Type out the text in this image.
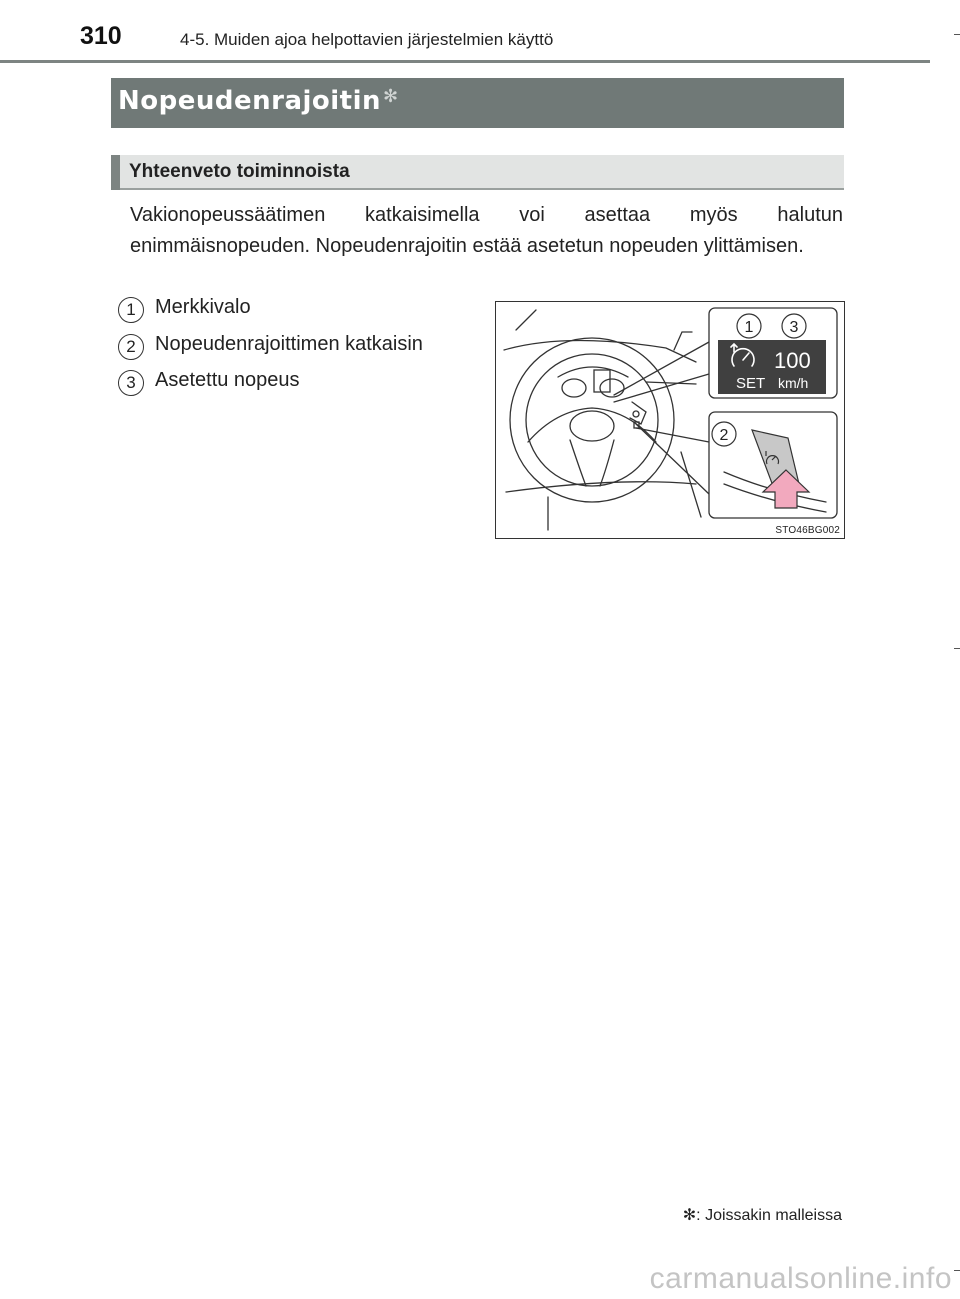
310	4-5. Muiden ajoa helpottavien järjestelmien käyttö
Nopeudenrajoitin ✻
Yhteenveto toiminnoista
Vakionopeussäätimen katkaisimella voi asettaa myös halutun enimmäisnopeuden. Nopeudenrajoitin estää asetetun nopeuden ylittämisen.
1 Merkkivalo
2 Nopeudenrajoittimen katkaisin
3 Asetettu nopeus
100
SET km/h
1 3
2
STO46BG002
✻: Joissakin malleissa
carmanualsonline.info
